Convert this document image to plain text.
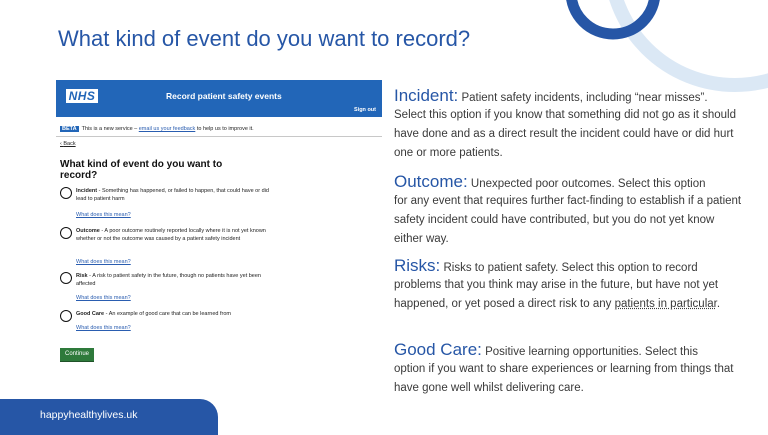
What kind of event do you want to record?
NHS	Record patient safety events
Sign out
BETA This is a new service – email us your feedback to help us to improve it.
‹ Back
What kind of event do you want to record?
Incident - Something has happened, or failed to happen, that could have or did lead to patient harm
What does this mean?
Outcome - A poor outcome routinely reported locally where it is not yet known whether or not the outcome was caused by a patient safety incident
What does this mean?
Risk - A risk to patient safety in the future, though no patients have yet been affected
What does this mean?
Good Care - An example of good care that can be learned from
What does this mean?
Continue
Incident: Patient safety incidents, including “near misses”.
Select this option if you know that something did not go as it should have done and as a direct result the incident could have or did hurt one or more patients.
Outcome: Unexpected poor outcomes. Select this option
for any event that requires further fact-finding to establish if a patient safety incident could have contributed, but you do not yet know either way.
Risks: Risks to patient safety. Select this option to record
problems that you think may arise in the future, but have not yet happened, or yet posed a direct risk to any patients in particular.
Good Care: Positive learning opportunities. Select this
option if you want to share experiences or learning from things that have gone well whilst delivering care.
happyhealthylives.uk
